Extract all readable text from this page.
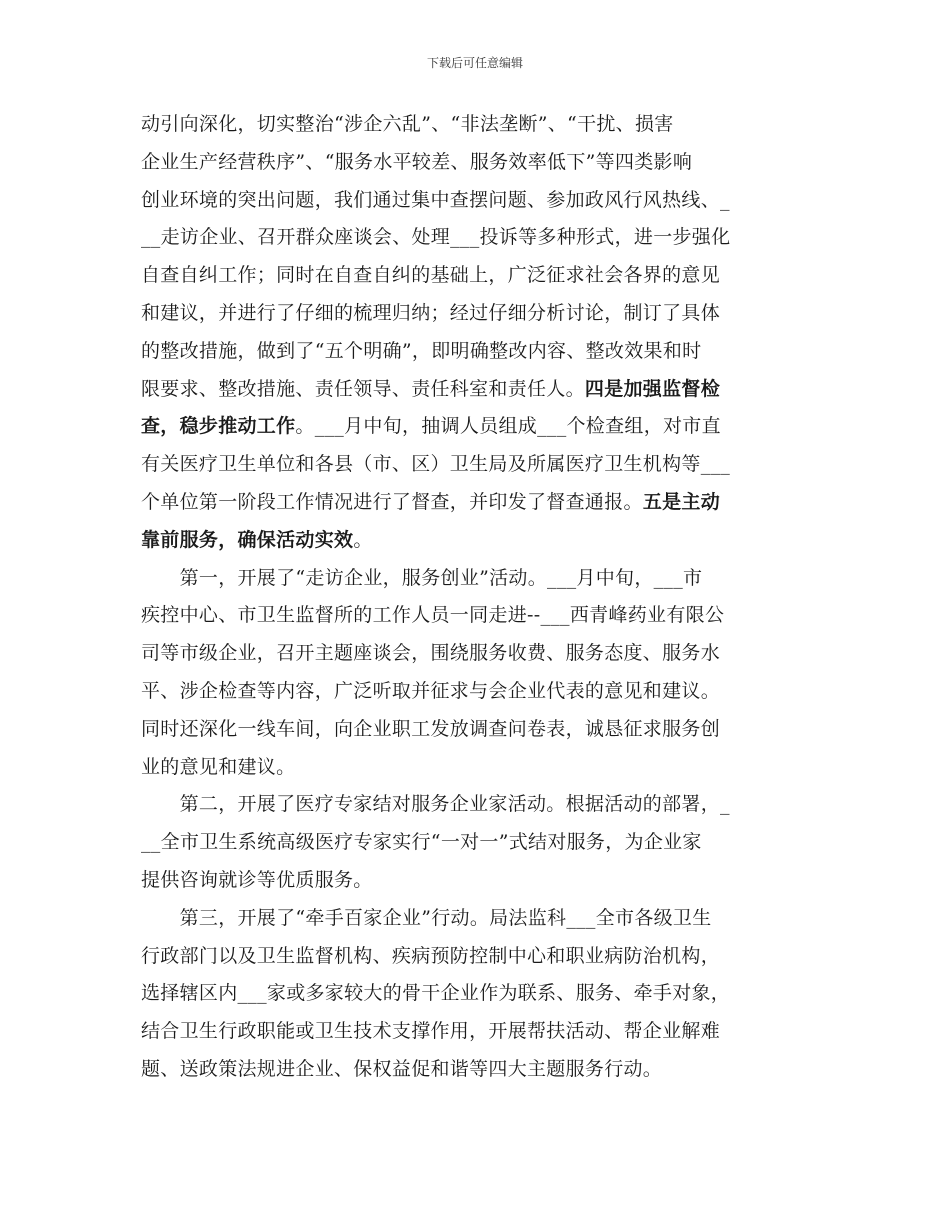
下载后可任意编辑
动引向深化，切实整治“涉企六乱”、“非法垄断”、“干扰、损害
企业生产经营秩序”、“服务水平较差、服务效率低下”等四类影响
创业环境的突出问题，我们通过集中查摆问题、参加政风行风热线、_
__走访企业、召开群众座谈会、处理___投诉等多种形式，进一步强化
自查自纠工作；同时在自查自纠的基础上，广泛征求社会各界的意见
和建议，并进行了仔细的梳理归纳；经过仔细分析讨论，制订了具体
的整改措施，做到了“五个明确”，即明确整改内容、整改效果和时
限要求、整改措施、责任领导、责任科室和责任人。四是加强监督检
查，稳步推动工作。___月中旬，抽调人员组成___个检查组，对市直
有关医疗卫生单位和各县（市、区）卫生局及所属医疗卫生机构等___
个单位第一阶段工作情况进行了督查，并印发了督查通报。五是主动
靠前服务，确保活动实效。
　　第一，开展了“走访企业，服务创业”活动。___月中旬，___市
疾控中心、市卫生监督所的工作人员一同走进--___西青峰药业有限公
司等市级企业，召开主题座谈会，围绕服务收费、服务态度、服务水
平、涉企检查等内容，广泛听取并征求与会企业代表的意见和建议。
同时还深化一线车间，向企业职工发放调查问卷表，诚恳征求服务创
业的意见和建议。
　　第二，开展了医疗专家结对服务企业家活动。根据活动的部署，_
__全市卫生系统高级医疗专家实行“一对一”式结对服务，为企业家
提供咨询就诊等优质服务。
　　第三，开展了“牵手百家企业”行动。局法监科___全市各级卫生
行政部门以及卫生监督机构、疾病预防控制中心和职业病防治机构，
选择辖区内___家或多家较大的骨干企业作为联系、服务、牵手对象，
结合卫生行政职能或卫生技术支撑作用，开展帮扶活动、帮企业解难
题、送政策法规进企业、保权益促和谐等四大主题服务行动。
